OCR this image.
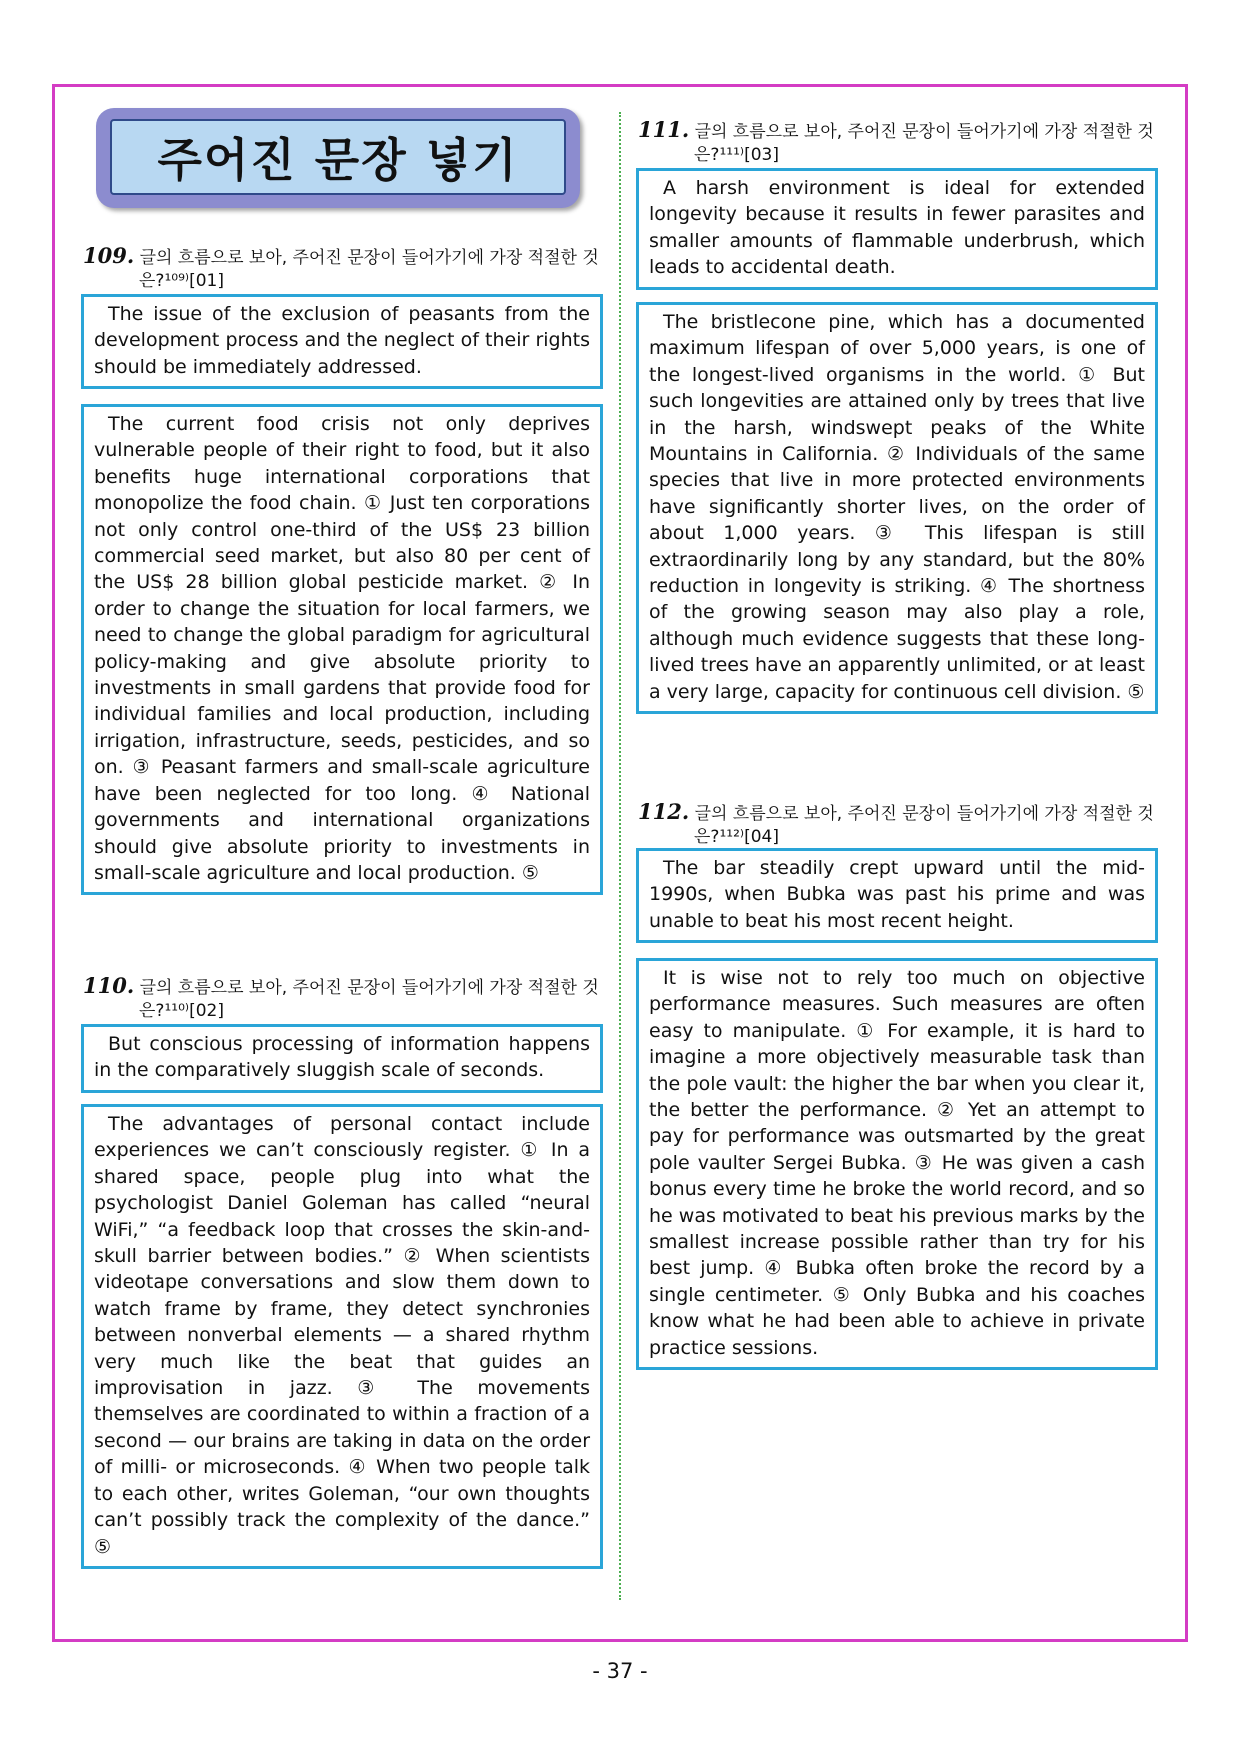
주어진 문장 넣기
109. 글의 흐름으로 보아, 주어진 문장이 들어가기에 가장 적절한 것
은?¹⁰⁹⁾[01]

The issue of the exclusion of peasants from the development process and the neglect of their rights should be immediately addressed.

The current food crisis not only deprives vulnerable people of their right to food, but it also benefits huge international corporations that monopolize the food chain. ① Just ten corporations not only control one-third of the US$ 23 billion commercial seed market, but also 80 per cent of the US$ 28 billion global pesticide market. ② In order to change the situation for local farmers, we need to change the global paradigm for agricultural policy-making and give absolute priority to investments in small gardens that provide food for individual families and local production, including irrigation, infrastructure, seeds, pesticides, and so on. ③ Peasant farmers and small-scale agriculture have been neglected for too long. ④ National governments and international organizations should give absolute priority to investments in small-scale agriculture and local production. ⑤

110. 글의 흐름으로 보아, 주어진 문장이 들어가기에 가장 적절한 것
은?¹¹⁰⁾[02]

But conscious processing of information happens in the comparatively sluggish scale of seconds.

The advantages of personal contact include experiences we can’t consciously register. ① In a shared space, people plug into what the psychologist Daniel Goleman has called “neural WiFi,” “a feedback loop that crosses the skin-and-skull barrier between bodies.” ② When scientists videotape conversations and slow them down to watch frame by frame, they detect synchronies between nonverbal elements — a shared rhythm very much like the beat that guides an improvisation in jazz. ③ The movements themselves are coordinated to within a fraction of a second — our brains are taking in data on the order of milli- or microseconds. ④ When two people talk to each other, writes Goleman, “our own thoughts can’t possibly track the complexity of the dance.” ⑤

111. 글의 흐름으로 보아, 주어진 문장이 들어가기에 가장 적절한 것
은?¹¹¹⁾[03]

A harsh environment is ideal for extended longevity because it results in fewer parasites and smaller amounts of flammable underbrush, which leads to accidental death.

The bristlecone pine, which has a documented maximum lifespan of over 5,000 years, is one of the longest-lived organisms in the world. ① But such longevities are attained only by trees that live in the harsh, windswept peaks of the White Mountains in California. ② Individuals of the same species that live in more protected environments have significantly shorter lives, on the order of about 1,000 years. ③ This lifespan is still extraordinarily long by any standard, but the 80% reduction in longevity is striking. ④ The shortness of the growing season may also play a role, although much evidence suggests that these long-lived trees have an apparently unlimited, or at least a very large, capacity for continuous cell division. ⑤

112. 글의 흐름으로 보아, 주어진 문장이 들어가기에 가장 적절한 것
은?¹¹²⁾[04]

The bar steadily crept upward until the mid-1990s, when Bubka was past his prime and was unable to beat his most recent height.

It is wise not to rely too much on objective performance measures. Such measures are often easy to manipulate. ① For example, it is hard to imagine a more objectively measurable task than the pole vault: the higher the bar when you clear it, the better the performance. ② Yet an attempt to pay for performance was outsmarted by the great pole vaulter Sergei Bubka. ③ He was given a cash bonus every time he broke the world record, and so he was motivated to beat his previous marks by the smallest increase possible rather than try for his best jump. ④ Bubka often broke the record by a single centimeter. ⑤ Only Bubka and his coaches know what he had been able to achieve in private practice sessions.

- 37 -
